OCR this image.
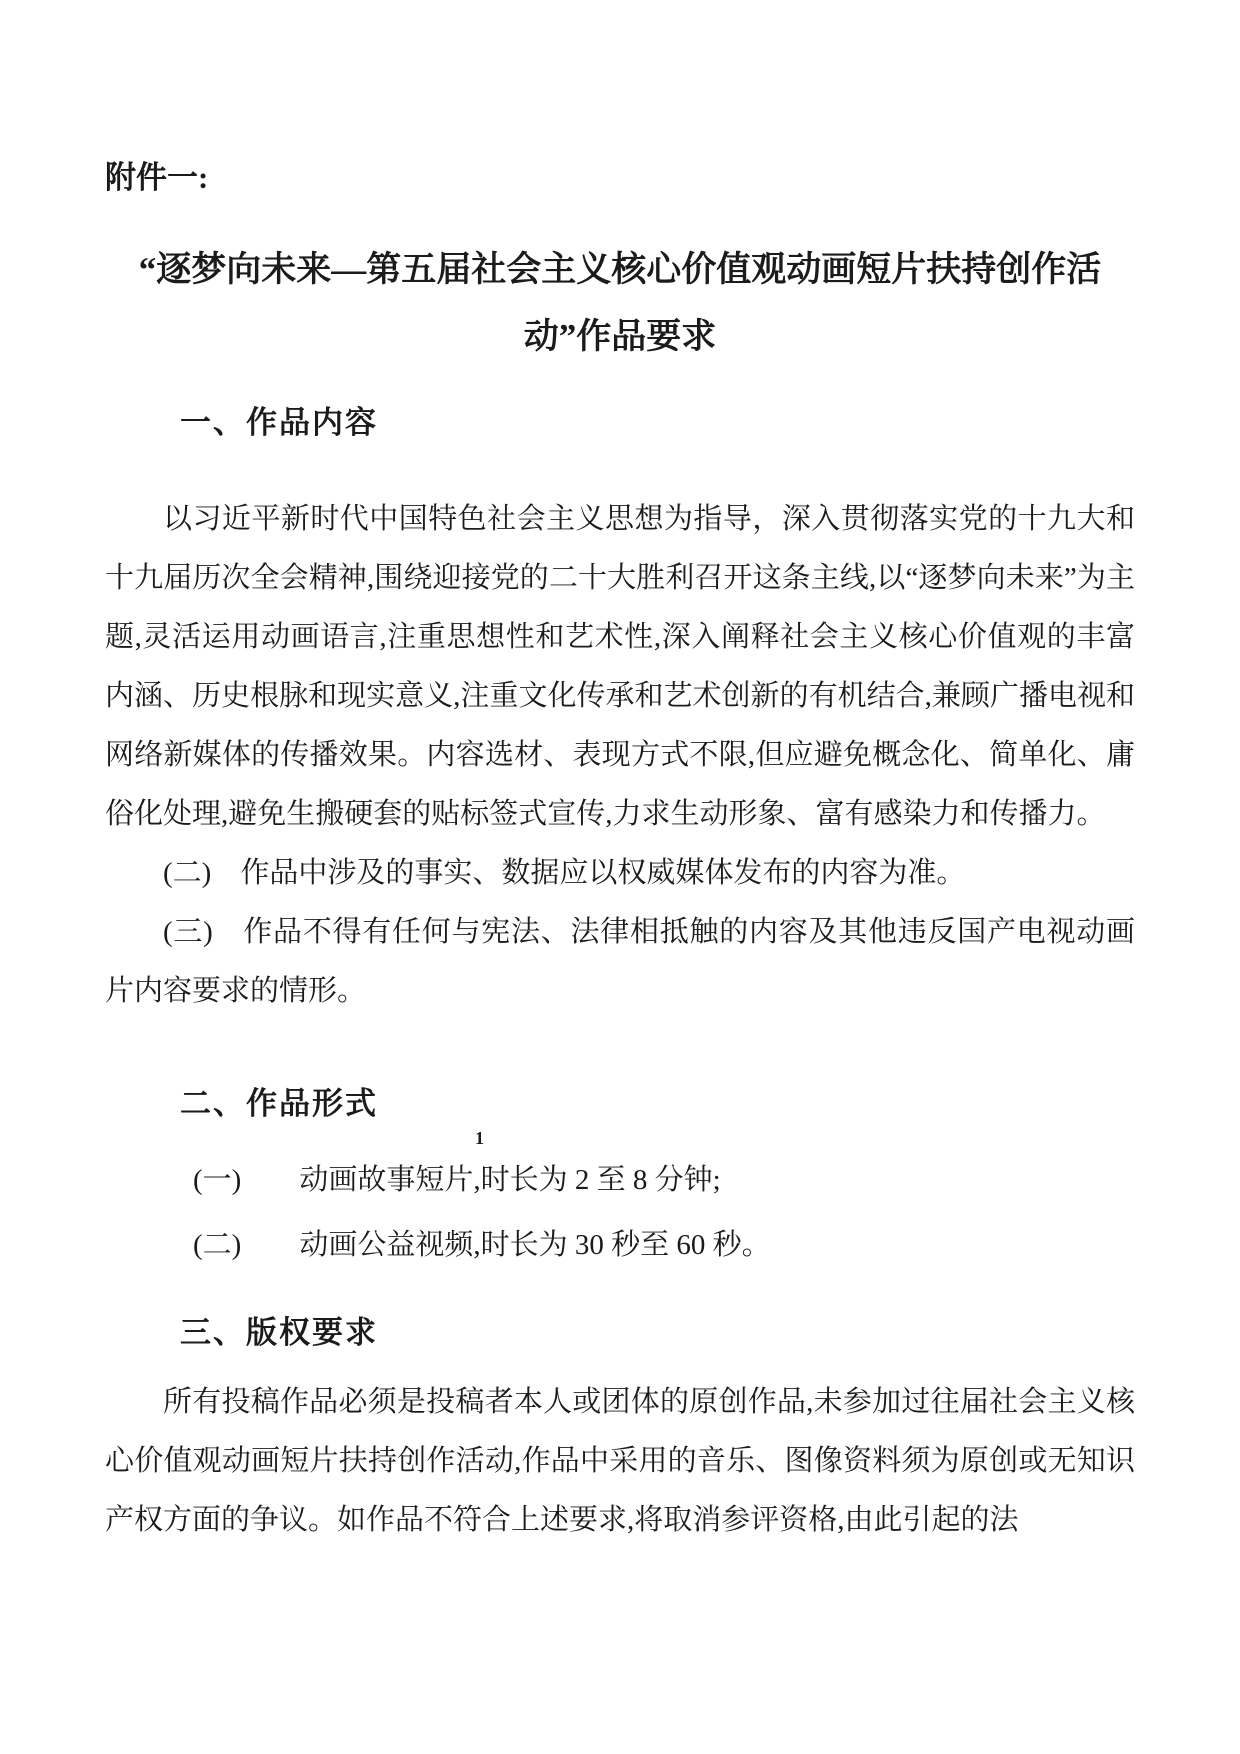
附件一:
“逐梦向未来—第五届社会主义核心价值观动画短片扶持创作活
动”作品要求
一、作品内容

以习近平新时代中国特色社会主义思想为指导，深入贯彻落实党的十九大和十九届历次全会精神,围绕迎接党的二十大胜利召开这条主线,以“逐梦向未来”为主题,灵活运用动画语言,注重思想性和艺术性,深入阐释社会主义核心价值观的丰富内涵、历史根脉和现实意义,注重文化传承和艺术创新的有机结合,兼顾广播电视和网络新媒体的传播效果。内容选材、表现方式不限,但应避免概念化、简单化、庸俗化处理,避免生搬硬套的贴标签式宣传,力求生动形象、富有感染力和传播力。

(二)　作品中涉及的事实、数据应以权威媒体发布的内容为准。

(三)　作品不得有任何与宪法、法律相抵触的内容及其他违反国产电视动画片内容要求的情形。

二、作品形式
1

(一)　　动画故事短片,时长为 2 至 8 分钟;

(二)　　动画公益视频,时长为 30 秒至 60 秒。

三、版权要求

所有投稿作品必须是投稿者本人或团体的原创作品,未参加过往届社会主义核心价值观动画短片扶持创作活动,作品中采用的音乐、图像资料须为原创或无知识产权方面的争议。如作品不符合上述要求,将取消参评资格,由此引起的法
